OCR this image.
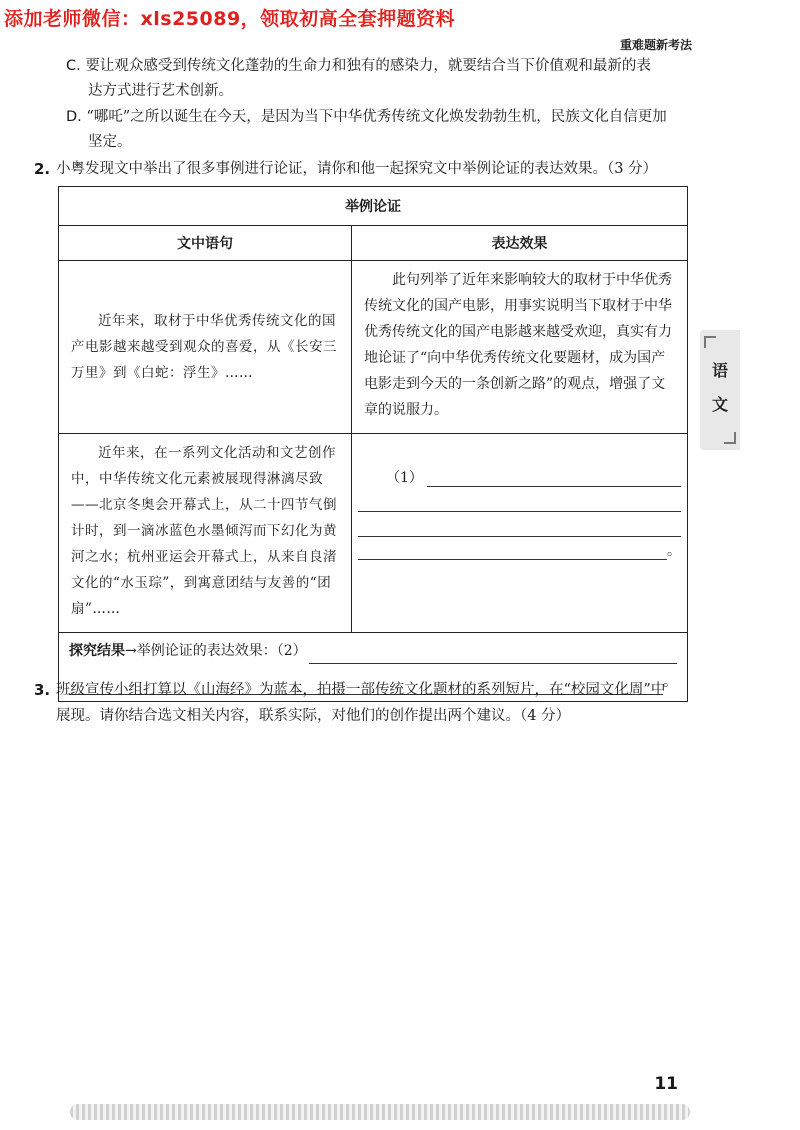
添加老师微信：xls25089，领取初高全套押题资料
重难题新考法
C. 要让观众感受到传统文化蓬勃的生命力和独有的感染力，就要结合当下价值观和最新的表
达方式进行艺术创新。
D. “哪吒”之所以诞生在今天，是因为当下中华优秀传统文化焕发勃勃生机，民族文化自信更加
坚定。
2. 小粤发现文中举出了很多事例进行论证，请你和他一起探究文中举例论证的表达效果。（3 分）
举例论证	
文中语句	表达效果

近年来，取材于中华优秀传统文化的国产电影越来越受到观众的喜爱，从《长安三万里》到《白蛇：浮生》……	此句列举了近年来影响较大的取材于中华优秀传统文化的国产电影，用事实说明当下取材于中华优秀传统文化的国产电影越来越受欢迎，真实有力地论证了“向中华优秀传统文化要题材，成为国产电影走到今天的一条创新之路”的观点，增强了文章的说服力。

近年来，在一系列文化活动和文艺创作中，中华传统文化元素被展现得淋漓尽致——北京冬奥会开幕式上，从二十四节气倒计时，到一滴冰蓝色水墨倾泻而下幻化为黄河之水；杭州亚运会开幕式上，从来自良渚文化的“水玉琮”，到寓意团结与友善的“团扇”……	（1）
。

探究结果 → 举例论证的表达效果：（2）
。	
3. 班级宣传小组打算以《山海经》为蓝本，拍摄一部传统文化题材的系列短片，在“校园文化周”中
展现。请你结合选文相关内容，联系实际，对他们的创作提出两个建议。（4 分）
语
文
11
